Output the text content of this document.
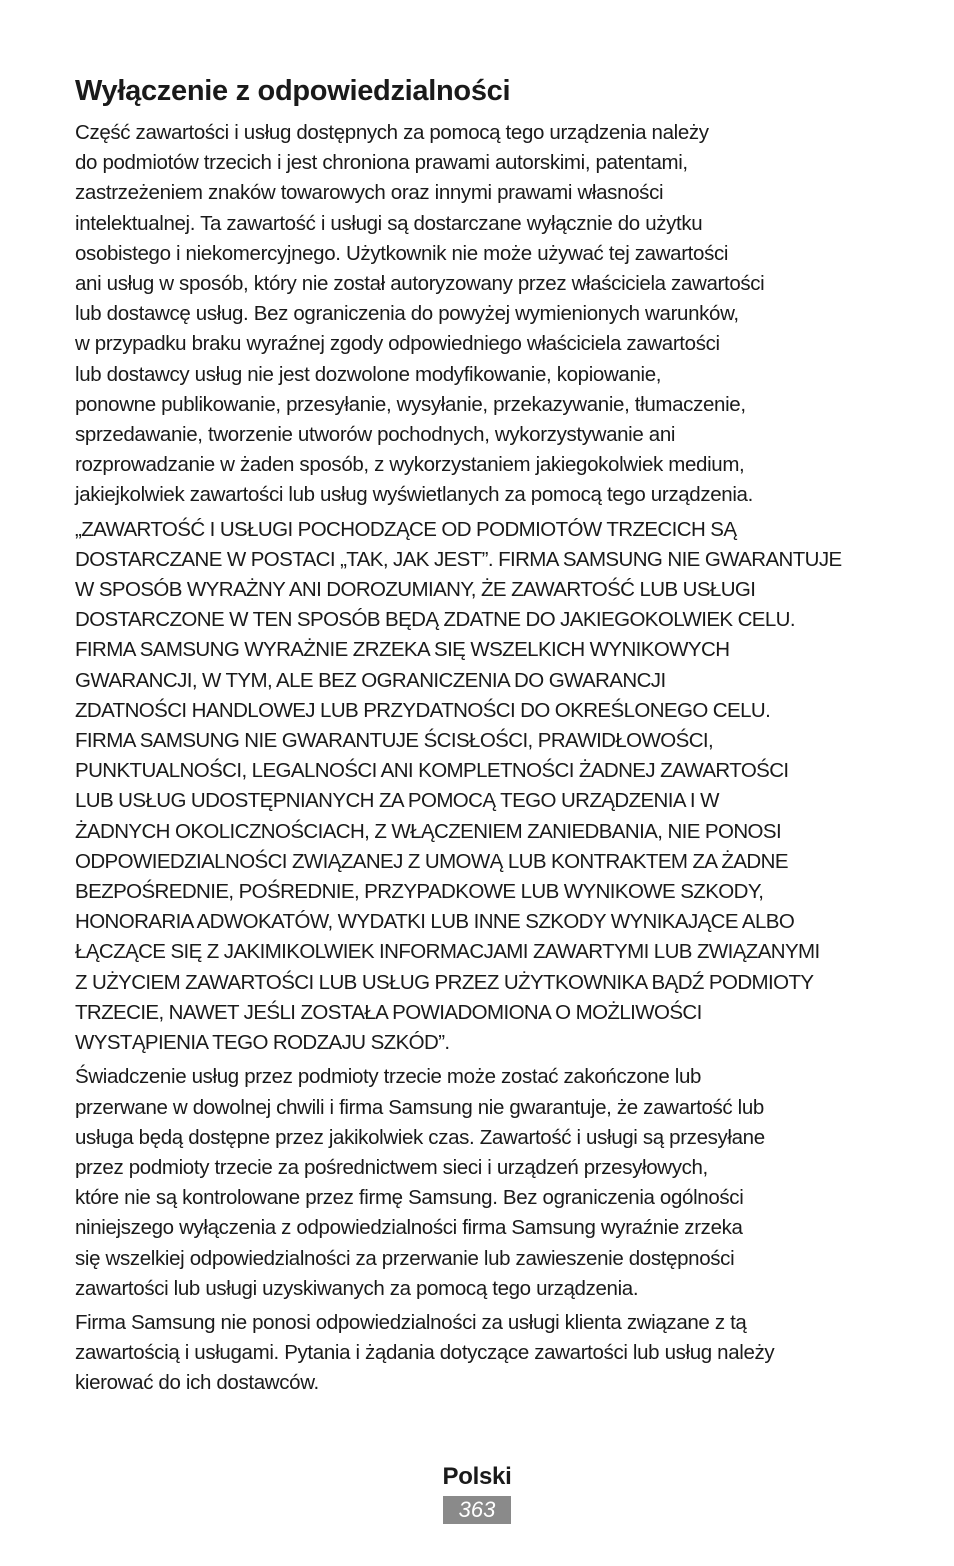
Wyłączenie z odpowiedzialności

Część zawartości i usług dostępnych za pomocą tego urządzenia należy
do podmiotów trzecich i jest chroniona prawami autorskimi, patentami,
zastrzeżeniem znaków towarowych oraz innymi prawami własności
intelektualnej. Ta zawartość i usługi są dostarczane wyłącznie do użytku
osobistego i niekomercyjnego. Użytkownik nie może używać tej zawartości
ani usług w sposób, który nie został autoryzowany przez właściciela zawartości
lub dostawcę usług. Bez ograniczenia do powyżej wymienionych warunków,
w przypadku braku wyraźnej zgody odpowiedniego właściciela zawartości
lub dostawcy usług nie jest dozwolone modyfikowanie, kopiowanie,
ponowne publikowanie, przesyłanie, wysyłanie, przekazywanie, tłumaczenie,
sprzedawanie, tworzenie utworów pochodnych, wykorzystywanie ani
rozprowadzanie w żaden sposób, z wykorzystaniem jakiegokolwiek medium,
jakiejkolwiek zawartości lub usług wyświetlanych za pomocą tego urządzenia.

„ZAWARTOŚĆ I USŁUGI POCHODZĄCE OD PODMIOTÓW TRZECICH SĄ
DOSTARCZANE W POSTACI „TAK, JAK JEST”. FIRMA SAMSUNG NIE GWARANTUJE
W SPOSÓB WYRAŻNY ANI DOROZUMIANY, ŻE ZAWARTOŚĆ LUB USŁUGI
DOSTARCZONE W TEN SPOSÓB BĘDĄ ZDATNE DO JAKIEGOKOLWIEK CELU.
FIRMA SAMSUNG WYRAŻNIE ZRZEKA SIĘ WSZELKICH WYNIKOWYCH
GWARANCJI, W TYM, ALE BEZ OGRANICZENIA DO GWARANCJI
ZDATNOŚCI HANDLOWEJ LUB PRZYDATNOŚCI DO OKREŚLONEGO CELU.
FIRMA SAMSUNG NIE GWARANTUJE ŚCISŁOŚCI, PRAWIDŁOWOŚCI,
PUNKTUALNOŚCI, LEGALNOŚCI ANI KOMPLETNOŚCI ŻADNEJ ZAWARTOŚCI
LUB USŁUG UDOSTĘPNIANYCH ZA POMOCĄ TEGO URZĄDZENIA I W
ŻADNYCH OKOLICZNOŚCIACH, Z WŁĄCZENIEM ZANIEDBANIA, NIE PONOSI
ODPOWIEDZIALNOŚCI ZWIĄZANEJ Z UMOWĄ LUB KONTRAKTEM ZA ŻADNE
BEZPOŚREDNIE, POŚREDNIE, PRZYPADKOWE LUB WYNIKOWE SZKODY,
HONORARIA ADWOKATÓW, WYDATKI LUB INNE SZKODY WYNIKAJĄCE ALBO
ŁĄCZĄCE SIĘ Z JAKIMIKOLWIEK INFORMACJAMI ZAWARTYMI LUB ZWIĄZANYMI
Z UŻYCIEM ZAWARTOŚCI LUB USŁUG PRZEZ UŻYTKOWNIKA BĄDŹ PODMIOTY
TRZECIE, NAWET JEŚLI ZOSTAŁA POWIADOMIONA O MOŻLIWOŚCI
WYSTĄPIENIA TEGO RODZAJU SZKÓD”.

Świadczenie usług przez podmioty trzecie może zostać zakończone lub
przerwane w dowolnej chwili i firma Samsung nie gwarantuje, że zawartość lub
usługa będą dostępne przez jakikolwiek czas. Zawartość i usługi są przesyłane
przez podmioty trzecie za pośrednictwem sieci i urządzeń przesyłowych,
które nie są kontrolowane przez firmę Samsung. Bez ograniczenia ogólności
niniejszego wyłączenia z odpowiedzialności firma Samsung wyraźnie zrzeka
się wszelkiej odpowiedzialności za przerwanie lub zawieszenie dostępności
zawartości lub usługi uzyskiwanych za pomocą tego urządzenia.

Firma Samsung nie ponosi odpowiedzialności za usługi klienta związane z tą
zawartością i usługami. Pytania i żądania dotyczące zawartości lub usług należy
kierować do ich dostawców.

Polski
363
